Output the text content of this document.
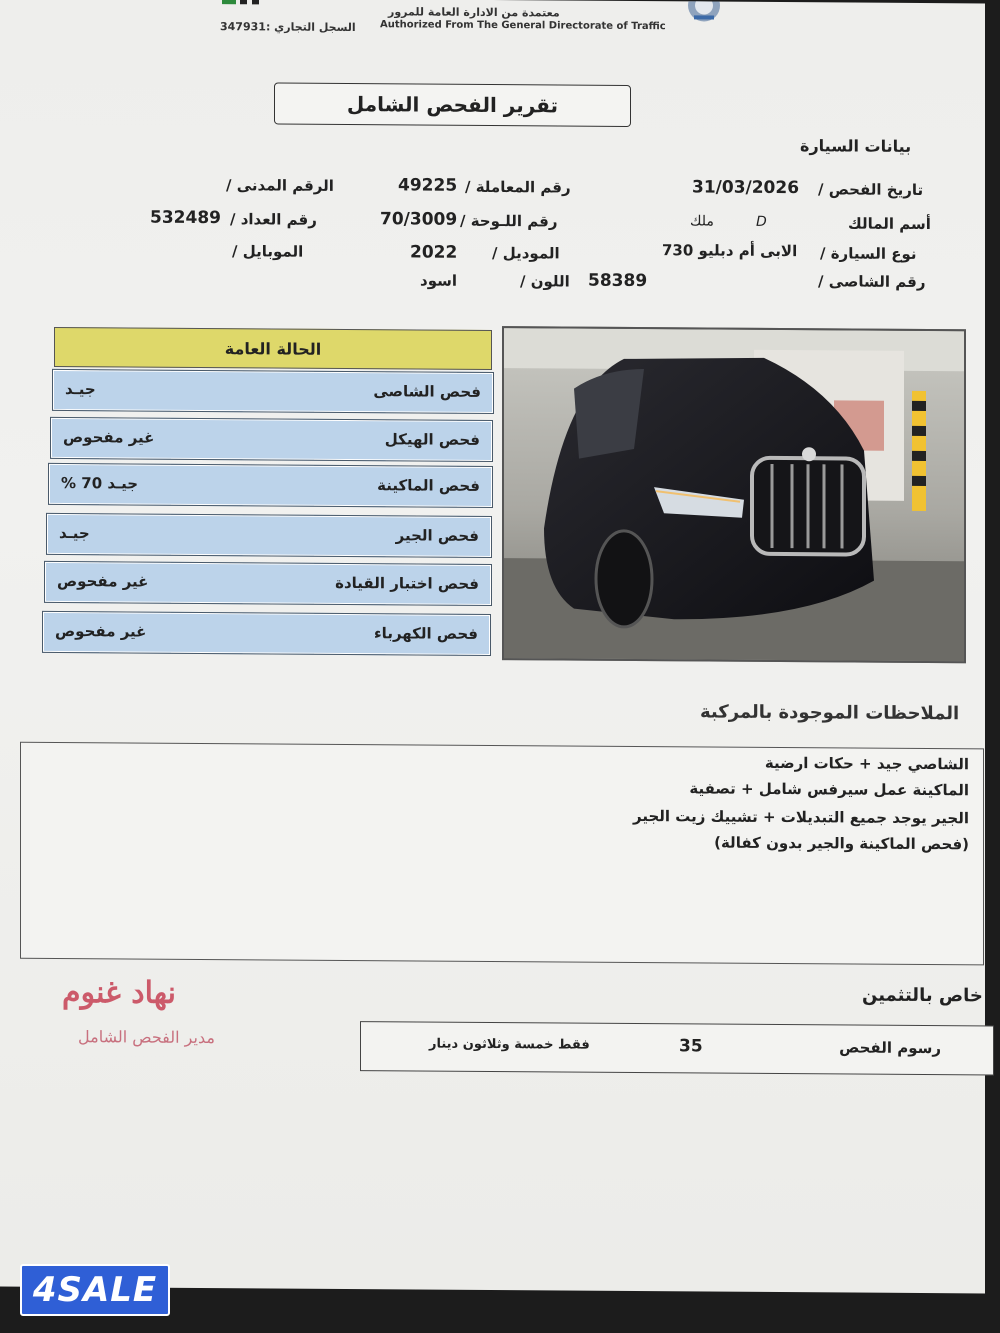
السجل التجاري :347931
معتمدة من الادارة العامة للمرور
Authorized From The General Directorate of Traffic
تقرير الفحص الشامل
بيانات السيارة
تاريخ الفحص /
31/03/2026
رقم المعاملة /
49225
الرقم المدنى /
أسم المالك
D
ملك
رقم اللـوحة /
70/3009
رقم العداد /
532489
نوع السيارة /
الابى أم دبليو 730
الموديل /
2022
الموبايل /
رقم الشاصى /
58389
اللون /
اسود
الحالة العامة
فحص الشاصى
جيـد
فحص الهيكل
غير مفحوص
فحص الماكينة
جيـد 70 %
فحص الجير
جيـد
فحص اختبار القيادة
غير مفحوص
فحص الكهرباء
غير مفحوص
الملاحظات الموجودة بالمركبة
الشاصي جيد + حكات ارضية
الماكينة عمل سيرفس شامل + تصفية
الجير يوجد جميع التبديلات + تشييك زيت الجير
(فحص الماكينة والجير بدون كفالة)
نهاد غنوم
مدير الفحص الشامل
خاص بالتثمين
رسوم الفحص
35
فقط خمسة وثلاثون دينار
4SALE
